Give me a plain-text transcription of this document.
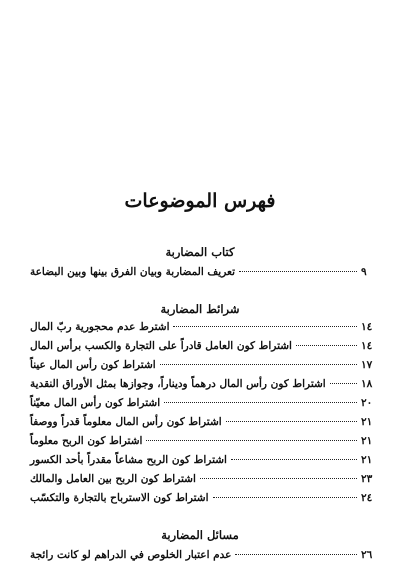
فهرس الموضوعات
كتاب المضاربة
تعريف المضاربة وبيان الفرق بينها وبين البضاعة	٩
شرائط المضاربة
اشترط عدم محجورية ربّ المال	١٤
اشتراط كون العامل قادراً على التجارة والكسب برأس المال	١٤
اشتراط كون رأس المال عيناً	١٧
اشتراط كون رأس المال درهماً وديناراً، وجوازها بمثل الأوراق النقدية	١٨
اشتراط كون رأس المال معيّناً	٢٠
اشتراط كون رأس المال معلوماً قدراً ووصفاً	٢١
اشتراط كون الربح معلوماً	٢١
اشتراط كون الربح مشاعاً مقدراً بأحد الكسور	٢١
اشتراط كون الربح بين العامل والمالك	٢٣
اشتراط كون الاسترباح بالتجارة والتكسّب	٢٤
مسائل المضاربة
عدم اعتبار الخلوص في الدراهم لو كانت رائجة	٢٦
